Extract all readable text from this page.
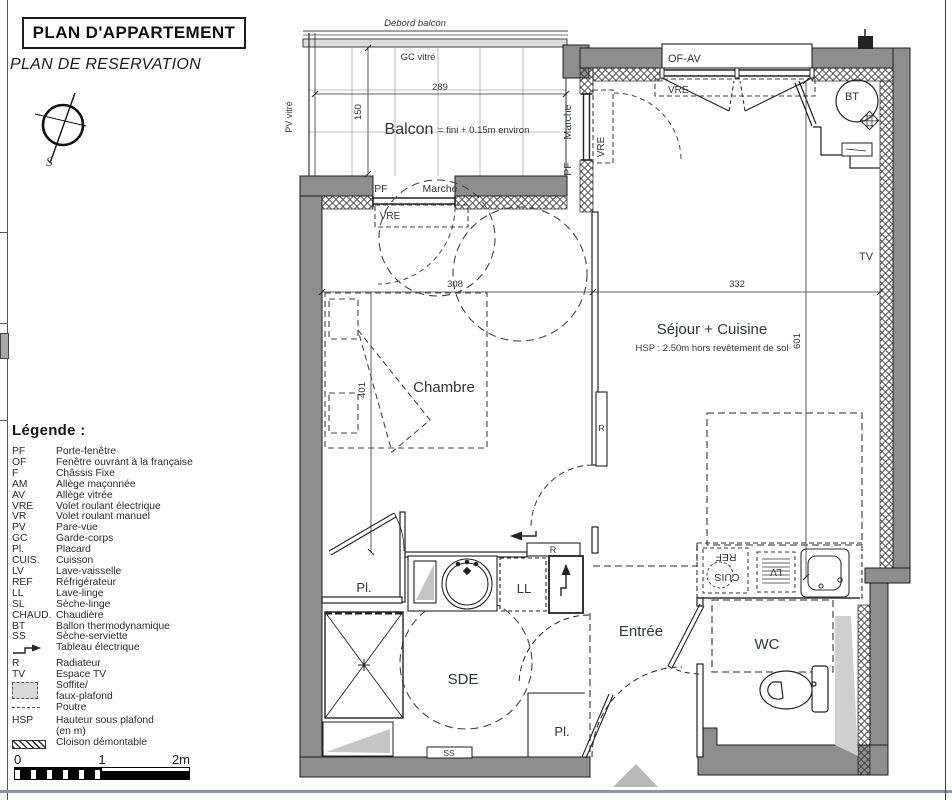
Débord balcon
GC vitré
289
150
Balcon = fini + 0.15m environ
PV vitré
PF	Marche
VRE
Marche
PF
VRE
OF-AV
VRE
BT
TV
308	332
401
601
Séjour + Cuisine
HSP : 2.50m hors revêtement de sol
Chambre
R
R
Pl.	LL
Entrée
REF
CUIS	LV
WC
SDE
Pl.
SS
PLAN D'APPARTEMENT
PLAN DE RESERVATION
S
Légende :
PF	Porte-fenêtre
OF	Fenêtre ouvrant à la française
F	Châssis Fixe
AM	Allège maçonnée
AV	Allège vitrée
VRE	Volet roulant électrique
VR	Volet roulant manuel
PV	Pare-vue
GC	Garde-corps
Pl.	Placard
CUIS.	Cuisson
LV	Lave-vaisselle
REF	Réfrigérateur
LL	Lave-linge
SL	Sèche-linge
CHAUD. Chaudière
BT	Ballon thermodynamique
SS	Sèche-serviette
Tableau électrique
R	Radiateur
TV	Espace TV
Soffite/
faux-plafond
Poutre
HSP	Hauteur sous plafond
(en m)
Cloison démontable
0	1	2m
